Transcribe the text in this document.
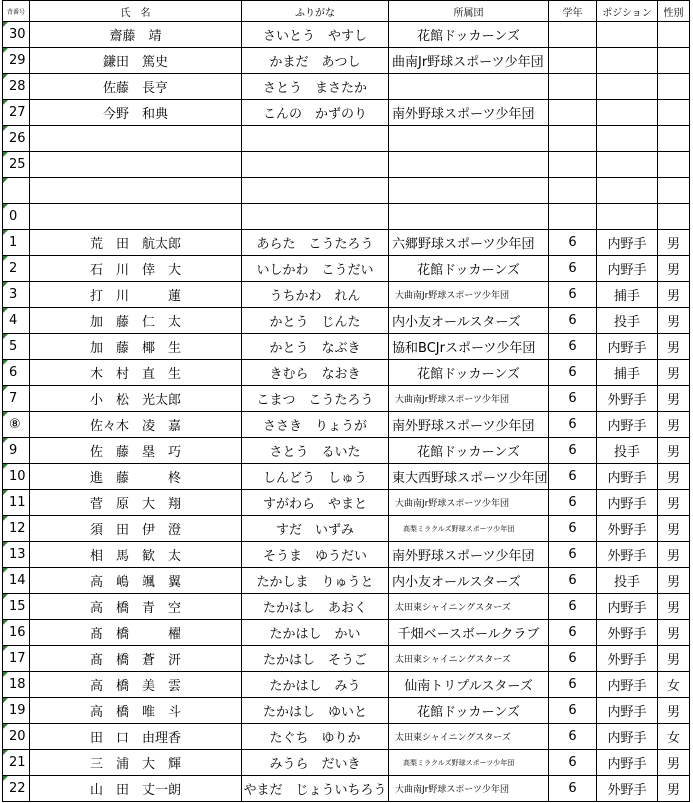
背番号	氏　名	ふりがな	所属団	学年	ポジション	性別
30	齋藤　靖	さいとう　やすし	花館ドッカーンズ			
29	鎌田　篤史	かまだ　あつし	曲南Jr野球スポーツ少年団			
28	佐藤　長亨	さとう　まさたか				
27	今野　和典	こんの　かずのり	南外野球スポーツ少年団			
26						
25						

0						
1	荒　田　航太郎	あらた　こうたろう	六郷野球スポーツ少年団	6	内野手	男
2	石　川　倖　大	いしかわ　こうだい	花館ドッカーンズ	6	内野手	男
3	打　川　　　蓮	うちかわ　れん	大曲南Jr野球スポーツ少年団	6	捕手	男
4	加　藤　仁　太	かとう　じんた	内小友オールスターズ	6	投手	男
5	加　藤　椰　生	かとう　なぶき	協和BCJrスポーツ少年団	6	内野手	男
6	木　村　直　生	きむら　なおき	花館ドッカーンズ	6	捕手	男
7	小　松　光太郎	こまつ　こうたろう	大曲南Jr野球スポーツ少年団	6	外野手	男
⑧	佐々木　凌　嘉	ささき　りょうが	南外野球スポーツ少年団	6	内野手	男
9	佐　藤　塁　巧	さとう　るいた	花館ドッカーンズ	6	投手	男
10	進　藤　　　柊	しんどう　しゅう	東大西野球スポーツ少年団	6	内野手	男
11	菅　原　大　翔	すがわら　やまと	大曲南Jr野球スポーツ少年団	6	内野手	男
12	須　田　伊　澄	すだ　いずみ	高梨ミラクルズ野球スポーツ少年団	6	外野手	男
13	相　馬　歓　太	そうま　ゆうだい	南外野球スポーツ少年団	6	外野手	男
14	高　嶋　颯　翼	たかしま　りゅうと	内小友オールスターズ	6	投手	男
15	高　橋　青　空	たかはし　あおく	太田東シャイニングスターズ	6	内野手	男
16	髙　橋　　　櫂	たかはし　かい	千畑ベースボールクラブ	6	外野手	男
17	髙　橋　蒼　汧	たかはし　そうご	太田東シャイニングスターズ	6	外野手	男
18	高　橋　美　雲	たかはし　みう	仙南トリプルスターズ	6	内野手	女
19	高　橋　唯　斗	たかはし　ゆいと	花館ドッカーンズ	6	内野手	男
20	田　口　由理香	たぐち　ゆりか	太田東シャイニングスターズ	6	内野手	女
21	三　浦　大　輝	みうら　だいき	高梨ミラクルズ野球スポーツ少年団	6	内野手	男
22	山　田　丈一朗	やまだ　じょういちろう	大曲南Jr野球スポーツ少年団	6	外野手	男
